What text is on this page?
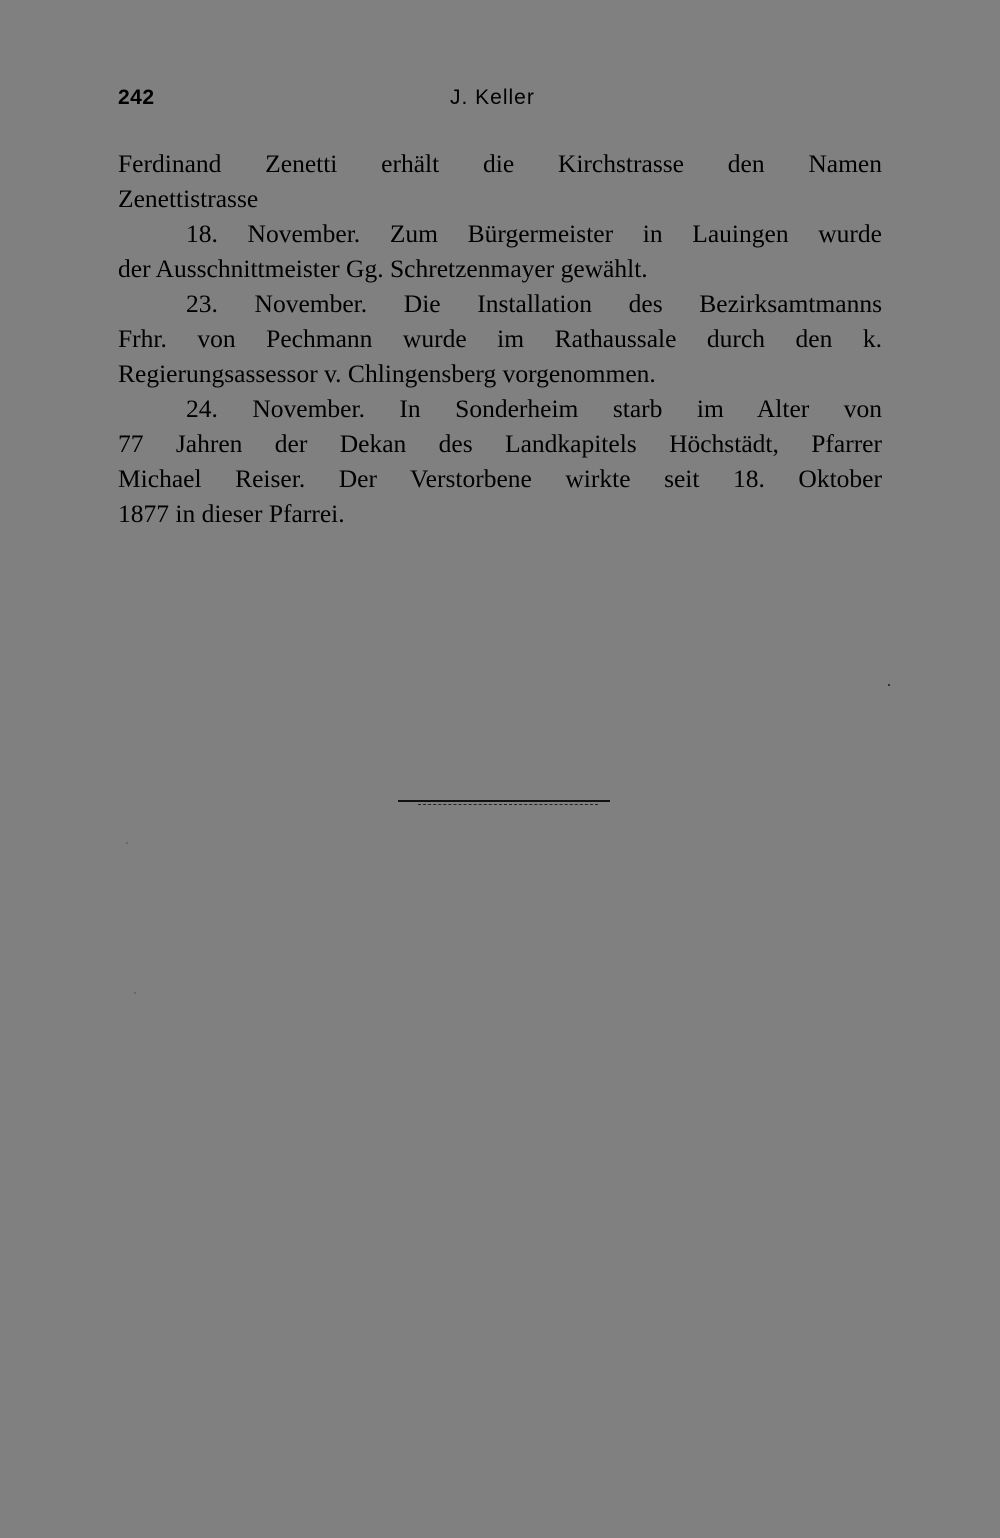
242	J. Keller
Ferdinand Zenetti erhält die Kirchstrasse den Namen
Zenettistrasse
18. November. Zum Bürgermeister in Lauingen wurde
der Ausschnittmeister Gg. Schretzenmayer gewählt.
23. November. Die Installation des Bezirksamtmanns
Frhr. von Pechmann wurde im Rathaussale durch den k.
Regierungsassessor v. Chlingensberg vorgenommen.
24. November. In Sonderheim starb im Alter von
77 Jahren der Dekan des Landkapitels Höchstädt, Pfarrer
Michael Reiser. Der Verstorbene wirkte seit 18. Oktober
1877 in dieser Pfarrei.
